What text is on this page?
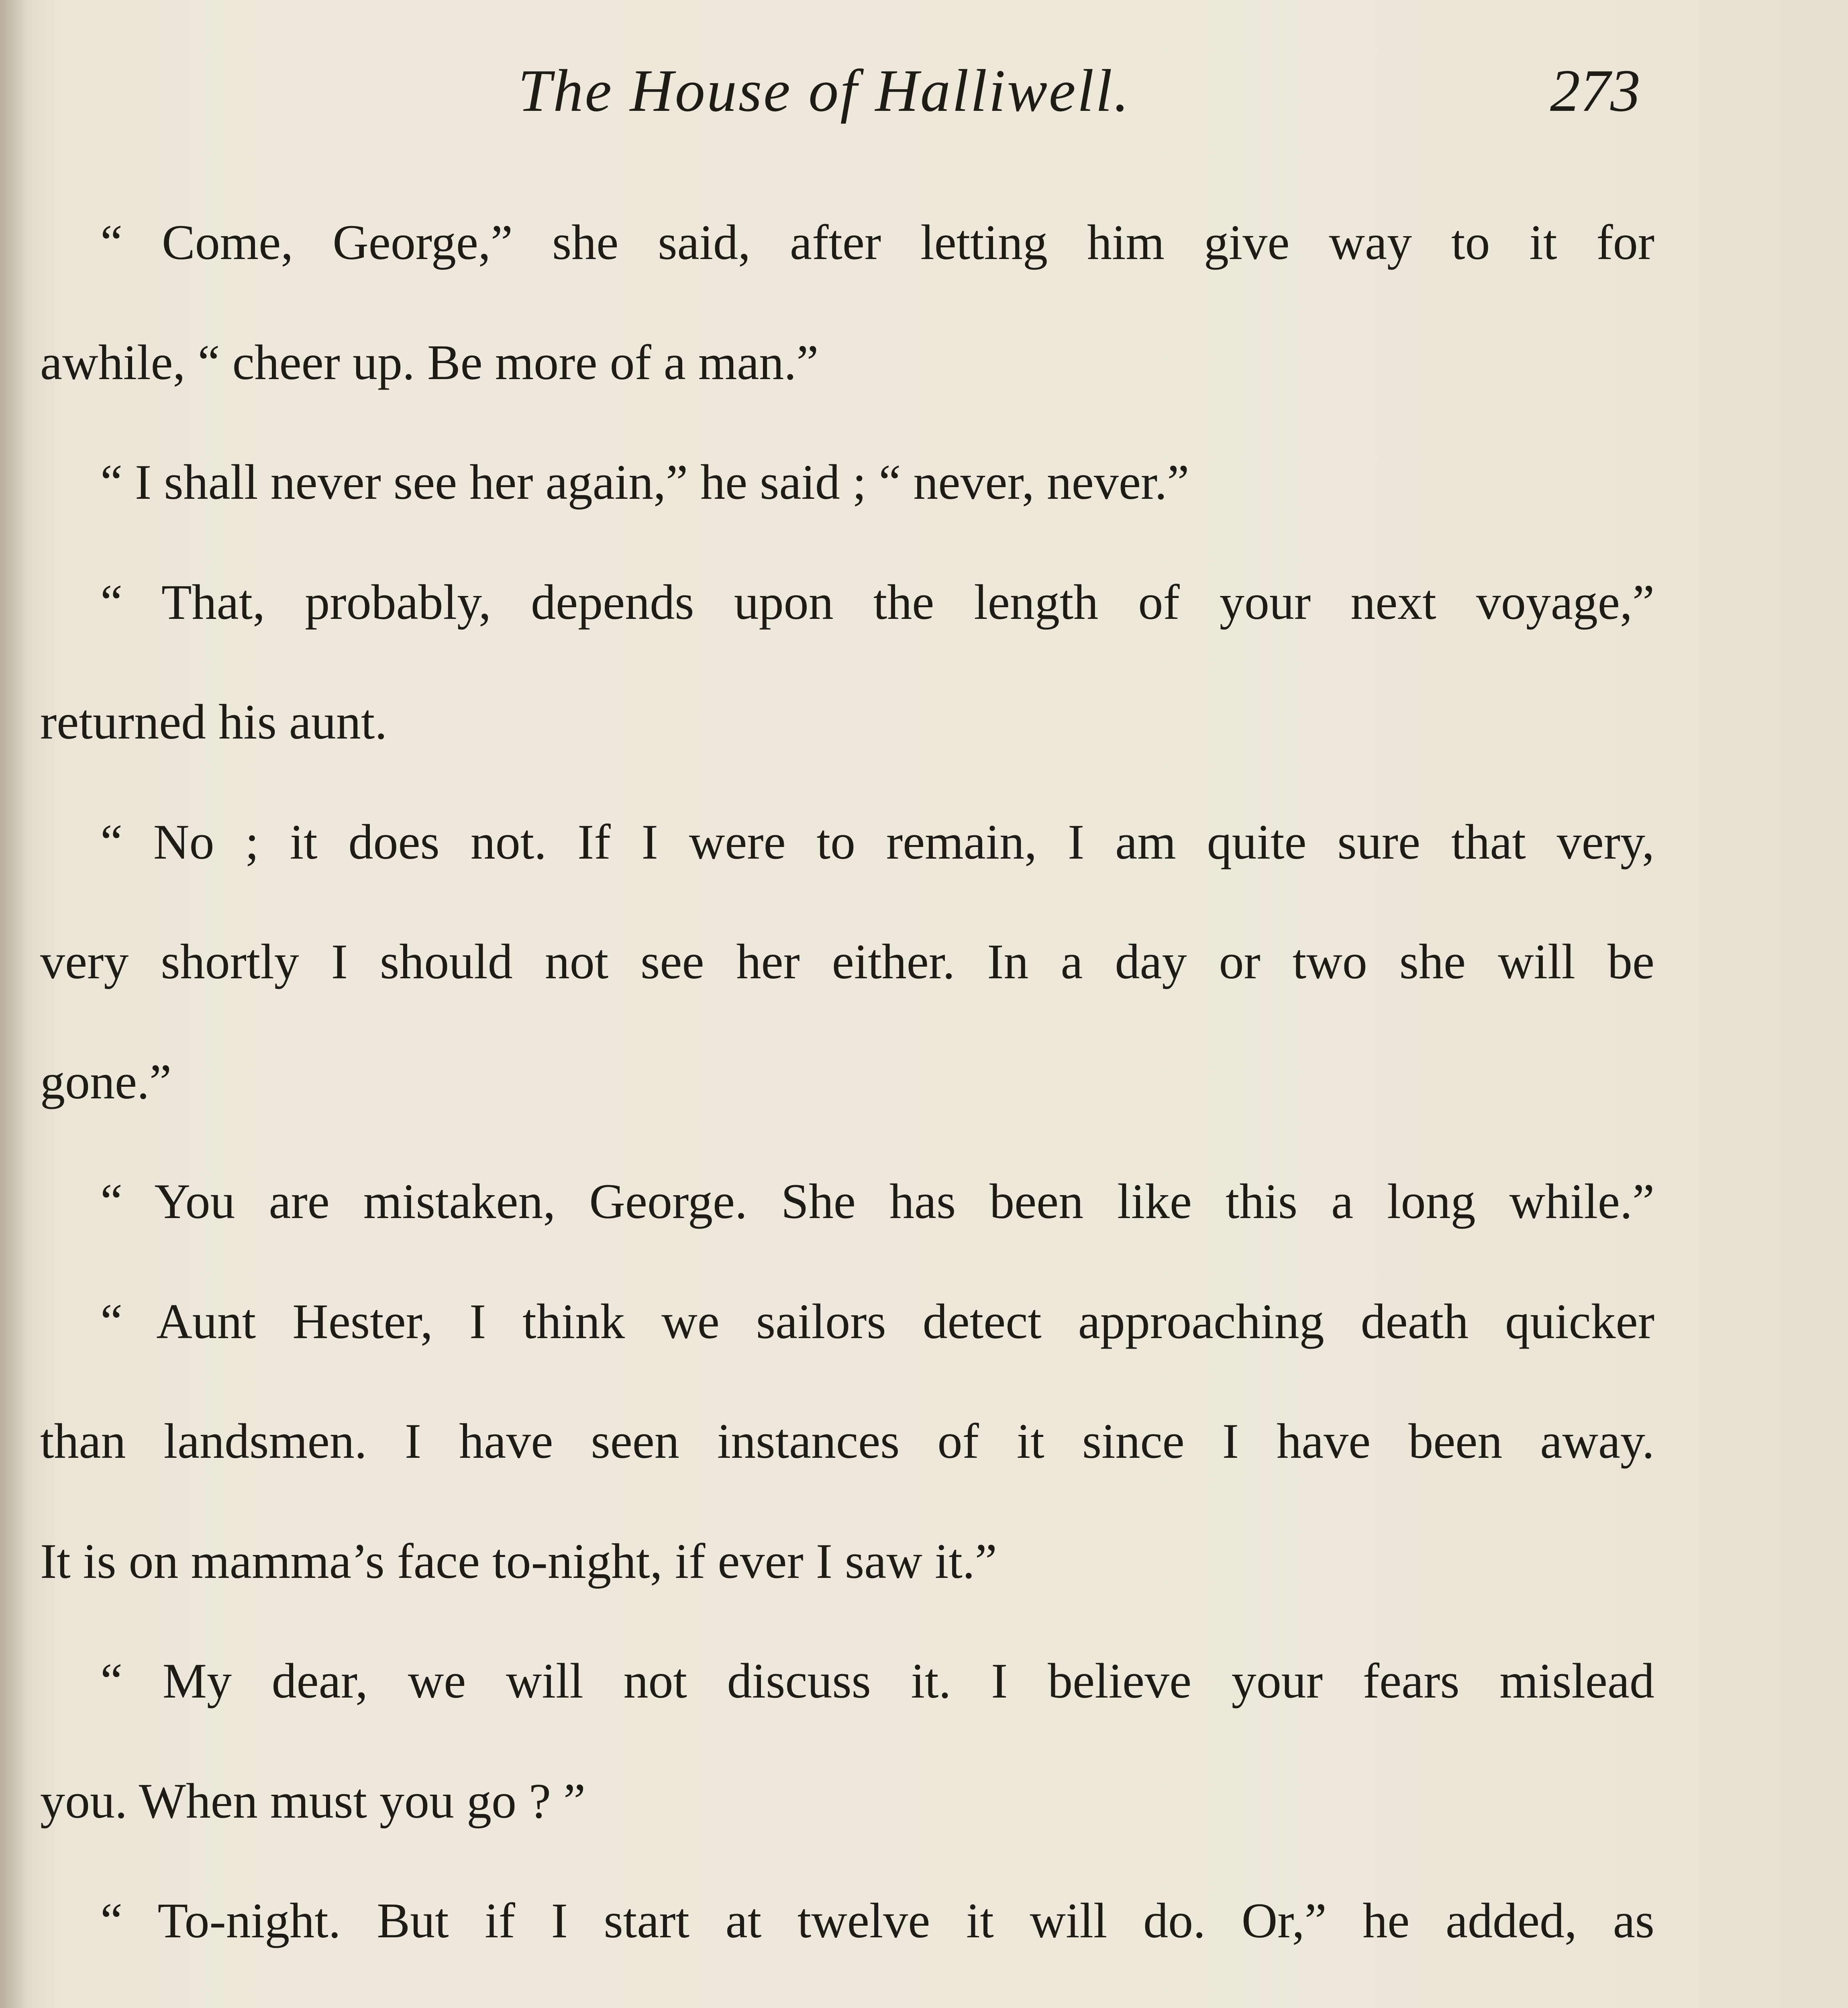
The House of Halliwell.	273
“ Come, George,” she said, after letting him give way to it for
awhile, “ cheer up. Be more of a man.”
“ I shall never see her again,” he said ; “ never, never.”
“ That, probably, depends upon the length of your next voyage,”
returned his aunt.
“ No ; it does not. If I were to remain, I am quite sure that very,
very shortly I should not see her either. In a day or two she will be
gone.”
“ You are mistaken, George. She has been like this a long while.”
“ Aunt Hester, I think we sailors detect approaching death quicker
than landsmen. I have seen instances of it since I have been away.
It is on mamma’s face to-night, if ever I saw it.”
“ My dear, we will not discuss it. I believe your fears mislead
you. When must you go ? ”
“ To-night. But if I start at twelve it will do. Or,” he added, as
